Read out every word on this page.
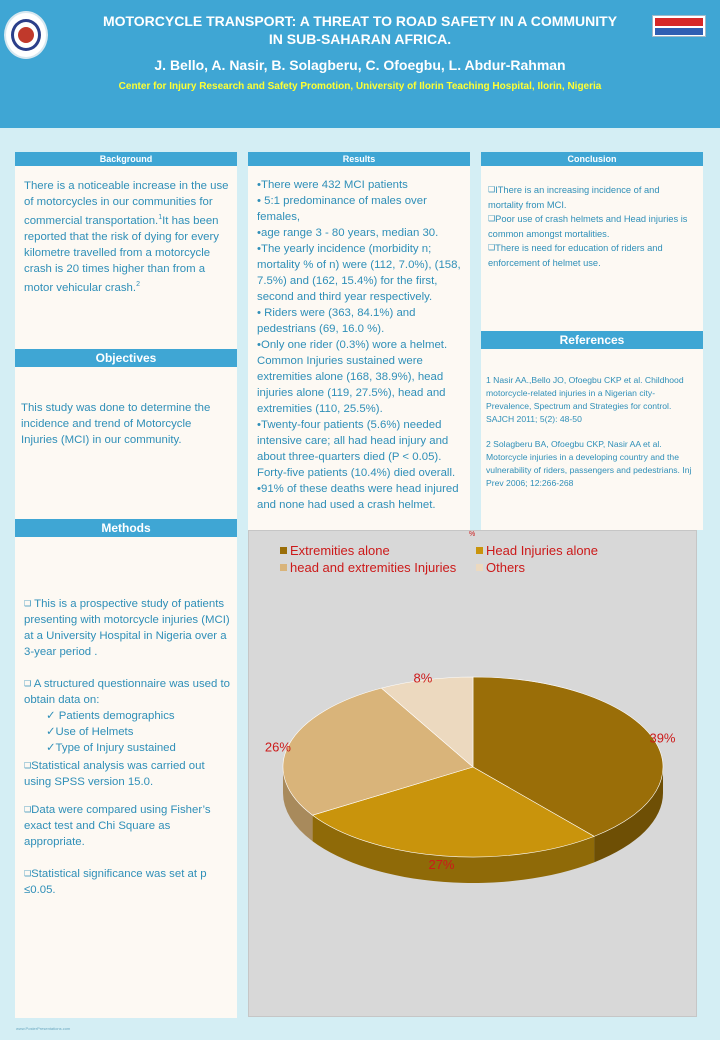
MOTORCYCLE TRANSPORT: A THREAT TO ROAD SAFETY IN A COMMUNITY
IN SUB-SAHARAN AFRICA.
J. Bello, A. Nasir, B. Solagberu, C. Ofoegbu, L. Abdur-Rahman
Center for Injury Research and Safety Promotion, University of Ilorin Teaching Hospital, Ilorin, Nigeria
Background
There is a noticeable increase in the use of motorcycles in our communities for commercial transportation.$^1$It has been reported that the risk of dying for every kilometre travelled from a motorcycle crash is 20 times higher than from a motor vehicular crash.$^2$
Objectives
This study was done to determine the incidence and trend of Motorcycle Injuries (MCI) in our community.
Methods
❑ This is a prospective study of patients presenting with motorcycle injuries (MCI) at a University Hospital in Nigeria over a 3-year period .
❑ A structured questionnaire was used to obtain data on:
✓ Patients demographics
✓Use of Helmets
✓Type of Injury sustained
❑Statistical analysis was carried out using SPSS version 15.0.
❑Data were compared using Fisher’s exact test and Chi Square as appropriate.
❑Statistical significance was set at p ≤0.05.
Results
•There were 432 MCI patients
• 5:1 predominance of males over females,
•age range 3 - 80 years, median 30.
•The yearly incidence (morbidity n; mortality % of n) were (112, 7.0%), (158, 7.5%) and (162, 15.4%) for the first, second and third year respectively.
• Riders were (363, 84.1%) and pedestrians (69, 16.0 %).
•Only one rider (0.3%) wore a helmet.
Common Injuries sustained were extremities alone (168, 38.9%), head injuries alone (119, 27.5%), head and extremities (110, 25.5%).
•Twenty-four patients (5.6%) needed intensive care; all had head injury and about three-quarters died (P < 0.05).
Forty-five patients (10.4%) died overall.
•91% of these deaths were head injured and none had used a crash helmet.
Conclusion
❑IThere is an increasing incidence of and mortality from MCI.
❑Poor use of crash helmets and Head injuries is common amongst mortalities.
❑There is need for education of riders and enforcement of helmet use.
References
1 Nasir AA.,Bello JO, Ofoegbu CKP et al. Childhood motorcycle-related injuries in a Nigerian city- Prevalence, Spectrum and Strategies for control. SAJCH 2011; 5(2): 48-50
2 Solagberu BA, Ofoegbu CKP, Nasir AA et al. Motorcycle injuries in a developing country and the vulnerability of riders, passengers and pedestrians. Inj Prev 2006; 12:266-268
%
Extremities alone	Head Injuries alone
head and extremities Injuries	Others
39%
27%
26%
8%
www.PosterPresentations.com
